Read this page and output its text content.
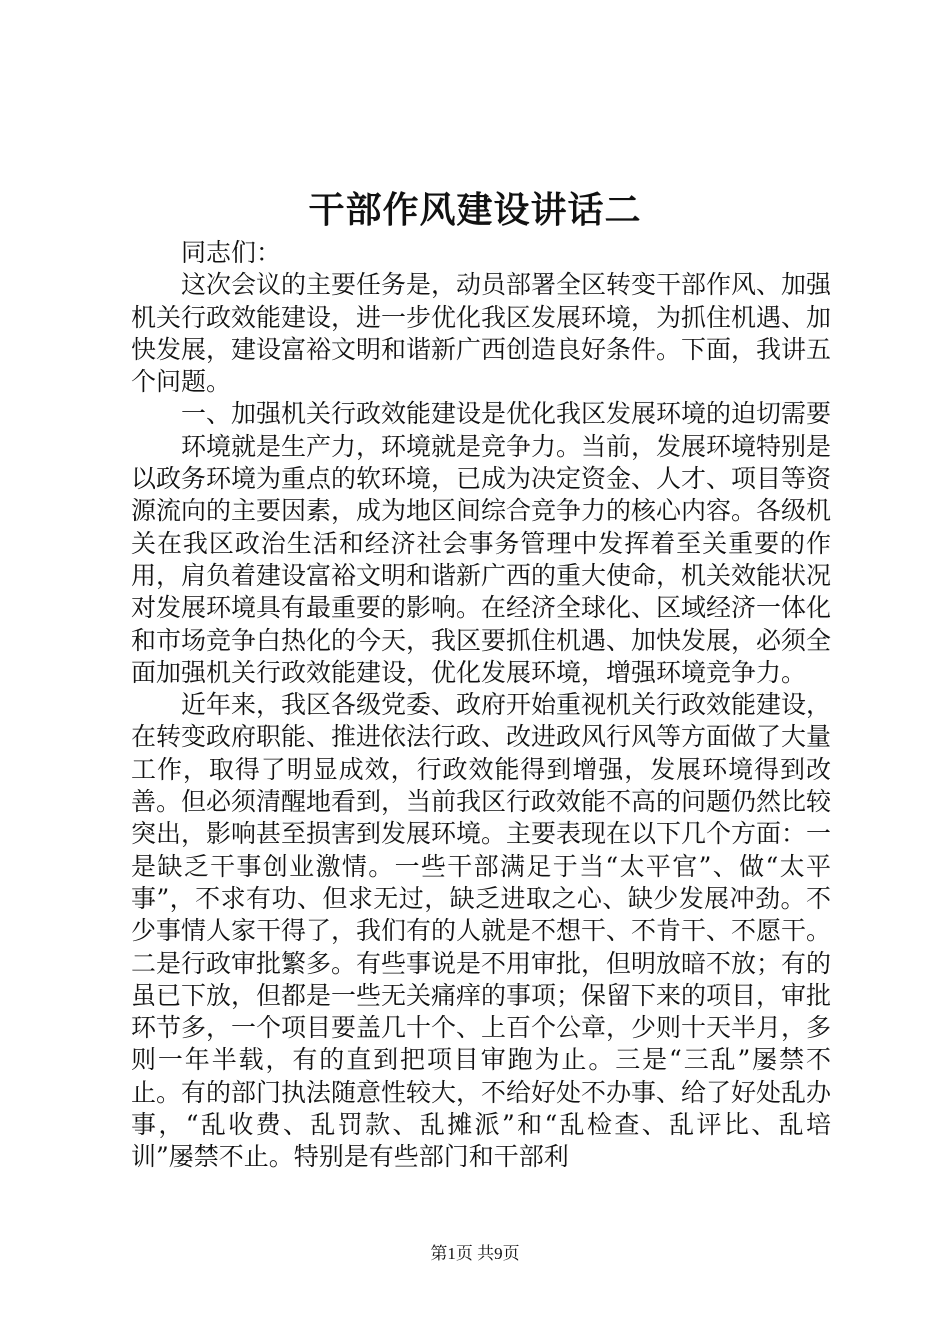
干部作风建设讲话二

同志们：

这次会议的主要任务是，动员部署全区转变干部作风、加强机关行政效能建设，进一步优化我区发展环境，为抓住机遇、加快发展，建设富裕文明和谐新广西创造良好条件。下面，我讲五个问题。

一、加强机关行政效能建设是优化我区发展环境的迫切需要

环境就是生产力，环境就是竞争力。当前，发展环境特别是以政务环境为重点的软环境，已成为决定资金、人才、项目等资源流向的主要因素，成为地区间综合竞争力的核心内容。各级机关在我区政治生活和经济社会事务管理中发挥着至关重要的作用，肩负着建设富裕文明和谐新广西的重大使命，机关效能状况对发展环境具有最重要的影响。在经济全球化、区域经济一体化和市场竞争白热化的今天，我区要抓住机遇、加快发展，必须全面加强机关行政效能建设，优化发展环境，增强环境竞争力。

近年来，我区各级党委、政府开始重视机关行政效能建设，在转变政府职能、推进依法行政、改进政风行风等方面做了大量工作，取得了明显成效，行政效能得到增强，发展环境得到改善。但必须清醒地看到，当前我区行政效能不高的问题仍然比较突出，影响甚至损害到发展环境。主要表现在以下几个方面：一是缺乏干事创业激情。一些干部满足于当“太平官”、做“太平事”，不求有功、但求无过，缺乏进取之心、缺少发展冲劲。不少事情人家干得了，我们有的人就是不想干、不肯干、不愿干。二是行政审批繁多。有些事说是不用审批，但明放暗不放；有的虽已下放，但都是一些无关痛痒的事项；保留下来的项目，审批环节多，一个项目要盖几十个、上百个公章，少则十天半月，多则一年半载，有的直到把项目审跑为止。三是“三乱”屡禁不止。有的部门执法随意性较大，不给好处不办事、给了好处乱办事，“乱收费、乱罚款、乱摊派”和“乱检查、乱评比、乱培训”屡禁不止。特别是有些部门和干部利

第1页 共9页
